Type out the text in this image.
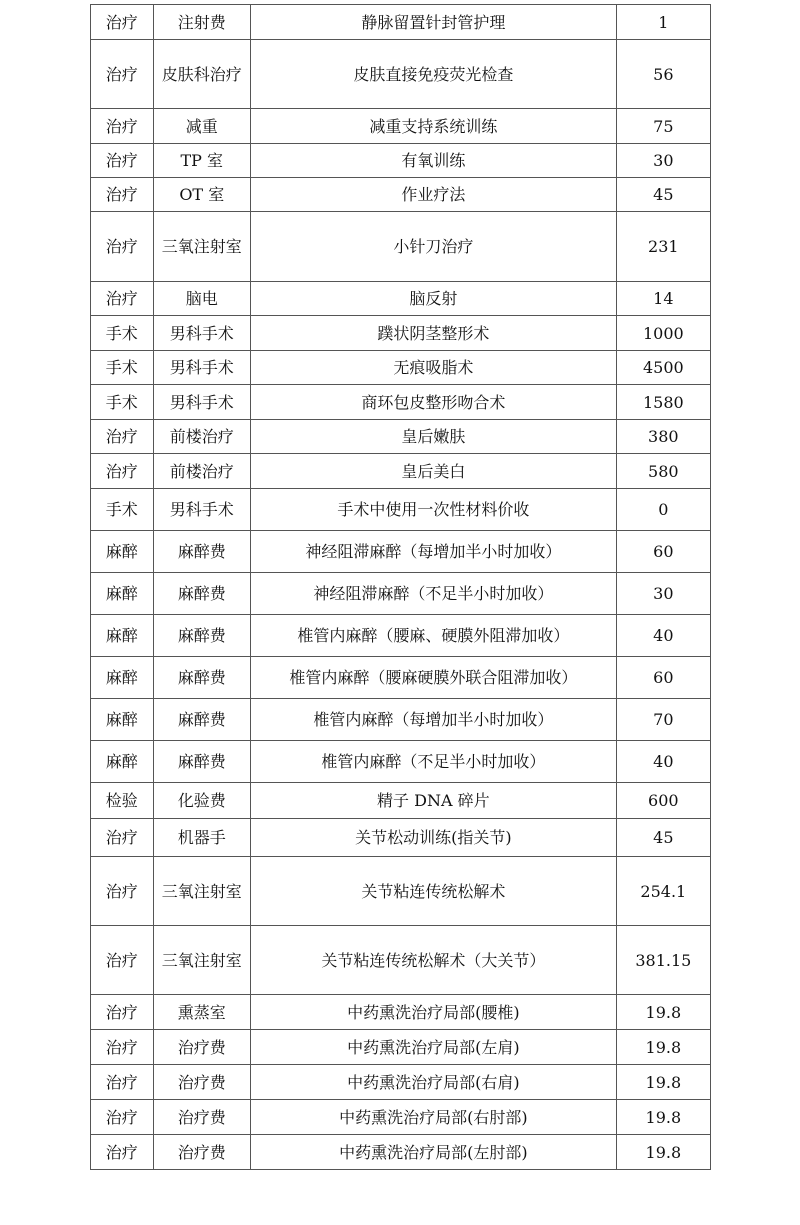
治疗	注射费	静脉留置针封管护理	1
治疗	皮肤科治疗	皮肤直接免疫荧光检查	56
治疗	减重	减重支持系统训练	75
治疗	TP 室	有氧训练	30
治疗	OT 室	作业疗法	45
治疗	三氧注射室	小针刀治疗	231
治疗	脑电	脑反射	14
手术	男科手术	蹼状阴茎整形术	1000
手术	男科手术	无痕吸脂术	4500
手术	男科手术	商环包皮整形吻合术	1580
治疗	前楼治疗	皇后嫩肤	380
治疗	前楼治疗	皇后美白	580
手术	男科手术	手术中使用一次性材料价收	0
麻醉	麻醉费	神经阻滞麻醉（每增加半小时加收）	60
麻醉	麻醉费	神经阻滞麻醉（不足半小时加收）	30
麻醉	麻醉费	椎管内麻醉（腰麻、硬膜外阻滞加收）	40
麻醉	麻醉费	椎管内麻醉（腰麻硬膜外联合阻滞加收）	60
麻醉	麻醉费	椎管内麻醉（每增加半小时加收）	70
麻醉	麻醉费	椎管内麻醉（不足半小时加收）	40
检验	化验费	精子 DNA 碎片	600
治疗	机器手	关节松动训练(指关节)	45
治疗	三氧注射室	关节粘连传统松解术	254.1
治疗	三氧注射室	关节粘连传统松解术（大关节）	381.15
治疗	熏蒸室	中药熏洗治疗局部(腰椎)	19.8
治疗	治疗费	中药熏洗治疗局部(左肩)	19.8
治疗	治疗费	中药熏洗治疗局部(右肩)	19.8
治疗	治疗费	中药熏洗治疗局部(右肘部)	19.8
治疗	治疗费	中药熏洗治疗局部(左肘部)	19.8
